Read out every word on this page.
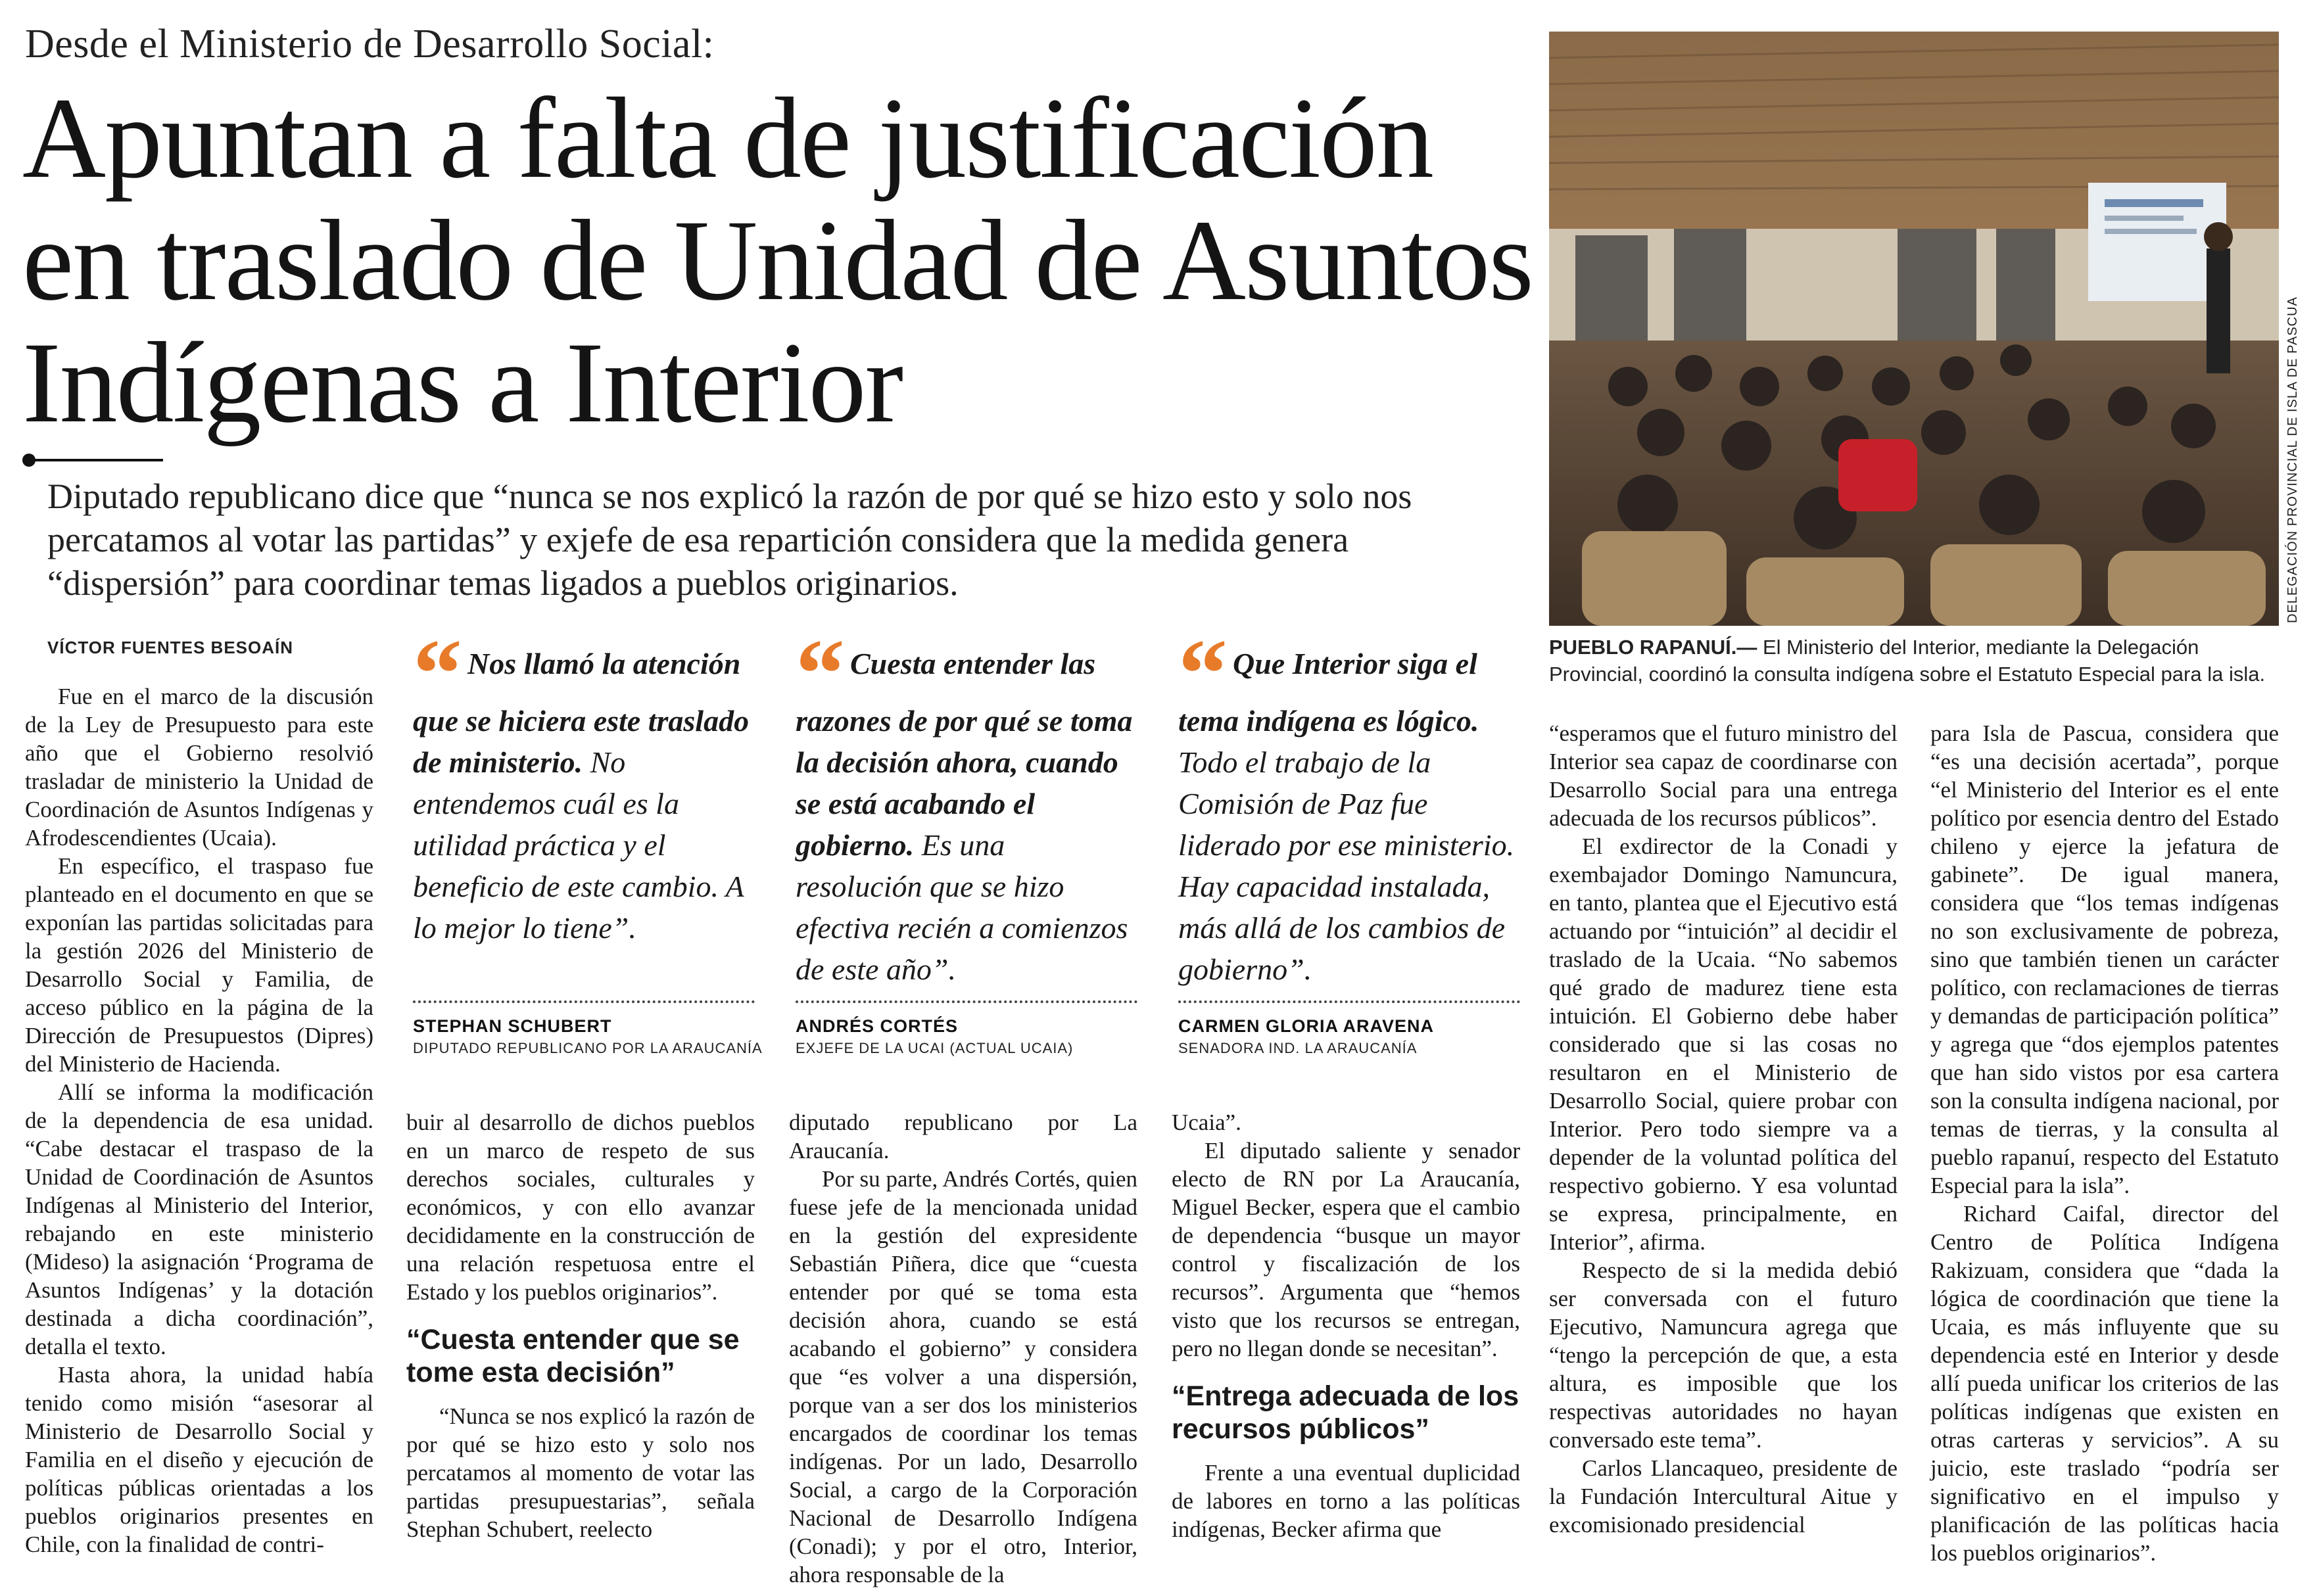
Desde el Ministerio de Desarrollo Social:
Apuntan a falta de justificación en traslado de Unidad de Asuntos Indígenas a Interior
Diputado republicano dice que “nunca se nos explicó la razón de por qué se hizo esto y solo nos percatamos al votar las partidas” y exjefe de esa repartición considera que la medida genera “dispersión” para coordinar temas ligados a pueblos originarios.
VÍCTOR FUENTES BESOAÍN
DELEGACIÓN PROVINCIAL DE ISLA DE PASCUA
PUEBLO RAPANUÍ.— El Ministerio del Interior, mediante la Delegación Provincial, coordinó la consulta indígena sobre el Estatuto Especial para la isla.

Fue en el marco de la discusión de la Ley de Presupuesto para este año que el Gobierno resolvió trasladar de ministerio la Unidad de Coordinación de Asuntos Indígenas y Afrodescendientes (Ucaia).

En específico, el traspaso fue planteado en el documento en que se exponían las partidas solicitadas para la gestión 2026 del Ministerio de Desarrollo Social y Familia, de acceso público en la página de la Dirección de Presupuestos (Dipres) del Ministerio de Hacienda.

Allí se informa la modificación de la dependencia de esa unidad. “Cabe destacar el traspaso de la Unidad de Coordinación de Asuntos Indígenas al Ministerio del Interior, rebajando en este ministerio (Mideso) la asignación ‘Programa de Asuntos Indígenas’ y la dotación destinada a dicha coordinación”, detalla el texto.

Hasta ahora, la unidad había tenido como misión “asesorar al Ministerio de Desarrollo Social y Familia en el diseño y ejecución de políticas públicas orientadas a los pueblos originarios presentes en Chile, con la finalidad de contri-

“ Nos llamó la atención que se hiciera este traslado de ministerio. No entendemos cuál es la utilidad práctica y el beneficio de este cambio. A lo mejor lo tiene”.
STEPHAN SCHUBERT
DIPUTADO REPUBLICANO POR LA ARAUCANÍA
“ Cuesta entender las razones de por qué se toma la decisión ahora, cuando se está acabando el gobierno. Es una resolución que se hizo efectiva recién a comienzos de este año”.
ANDRÉS CORTÉS
EXJEFE DE LA UCAI (ACTUAL UCAIA)
“ Que Interior siga el tema indígena es lógico. Todo el trabajo de la Comisión de Paz fue liderado por ese ministerio. Hay capacidad instalada, más allá de los cambios de gobierno”.
CARMEN GLORIA ARAVENA
SENADORA IND. LA ARAUCANÍA

buir al desarrollo de dichos pueblos en un marco de respeto de sus derechos sociales, culturales y económicos, y con ello avanzar decididamente en la construcción de una relación respetuosa entre el Estado y los pueblos originarios”.

“Cuesta entender que se tome esta decisión”

“Nunca se nos explicó la razón de por qué se hizo esto y solo nos percatamos al momento de votar las partidas presupuestarias”, señala Stephan Schubert, reelecto

diputado republicano por La Araucanía.

Por su parte, Andrés Cortés, quien fuese jefe de la mencionada unidad en la gestión del expresidente Sebastián Piñera, dice que “cuesta entender por qué se toma esta decisión ahora, cuando se está acabando el gobierno” y considera que “es volver a una dispersión, porque van a ser dos los ministerios encargados de coordinar los temas indígenas. Por un lado, Desarrollo Social, a cargo de la Corporación Nacional de Desarrollo Indígena (Conadi); y por el otro, Interior, ahora responsable de la

Ucaia”.

El diputado saliente y senador electo de RN por La Araucanía, Miguel Becker, espera que el cambio de dependencia “busque un mayor control y fiscalización de los recursos”. Argumenta que “hemos visto que los recursos se entregan, pero no llegan donde se necesitan”.

“Entrega adecuada de los recursos públicos”

Frente a una eventual duplicidad de labores en torno a las políticas indígenas, Becker afirma que

“esperamos que el futuro ministro del Interior sea capaz de coordinarse con Desarrollo Social para una entrega adecuada de los recursos públicos”.

El exdirector de la Conadi y exembajador Domingo Namuncura, en tanto, plantea que el Ejecutivo está actuando por “intuición” al decidir el traslado de la Ucaia. “No sabemos qué grado de madurez tiene esta intuición. El Gobierno debe haber considerado que si las cosas no resultaron en el Ministerio de Desarrollo Social, quiere probar con Interior. Pero todo siempre va a depender de la voluntad política del respectivo gobierno. Y esa voluntad se expresa, principalmente, en Interior”, afirma.

Respecto de si la medida debió ser conversada con el futuro Ejecutivo, Namuncura agrega que “tengo la percepción de que, a esta altura, es imposible que los respectivas autoridades no hayan conversado este tema”.

Carlos Llancaqueo, presidente de la Fundación Intercultural Aitue y excomisionado presidencial

para Isla de Pascua, considera que “es una decisión acertada”, porque “el Ministerio del Interior es el ente político por esencia dentro del Estado chileno y ejerce la jefatura de gabinete”. De igual manera, considera que “los temas indígenas no son exclusivamente de pobreza, sino que también tienen un carácter político, con reclamaciones de tierras y demandas de participación política” y agrega que “dos ejemplos patentes que han sido vistos por esa cartera son la consulta indígena nacional, por temas de tierras, y la consulta al pueblo rapanuí, respecto del Estatuto Especial para la isla”.

Richard Caifal, director del Centro de Política Indígena Rakizuam, considera que “dada la lógica de coordinación que tiene la Ucaia, es más influyente que su dependencia esté en Interior y desde allí pueda unificar los criterios de las políticas indígenas que existen en otras carteras y servicios”. A su juicio, este traslado “podría ser significativo en el impulso y planificación de las políticas hacia los pueblos originarios”.
